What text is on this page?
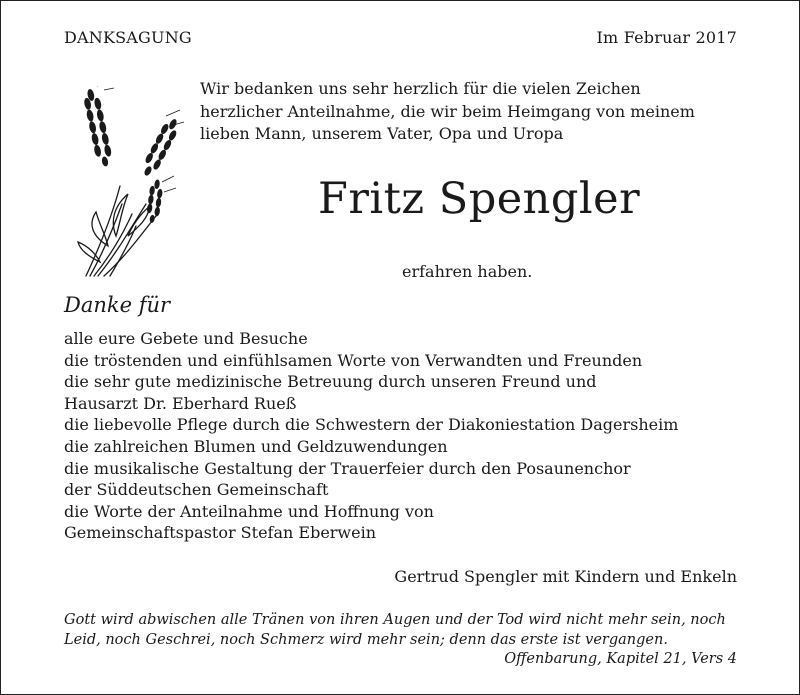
DANKSAGUNG	Im Februar 2017
Wir bedanken uns sehr herzlich für die vielen Zeichen
herzlicher Anteilnahme, die wir beim Heimgang von meinem
lieben Mann, unserem Vater, Opa und Uropa
Fritz Spengler
erfahren haben.
Danke für
alle eure Gebete und Besuche
die tröstenden und einfühlsamen Worte von Verwandten und Freunden
die sehr gute medizinische Betreuung durch unseren Freund und
Hausarzt Dr. Eberhard Rueß
die liebevolle Pflege durch die Schwestern der Diakoniestation Dagersheim
die zahlreichen Blumen und Geldzuwendungen
die musikalische Gestaltung der Trauerfeier durch den Posaunenchor
der Süddeutschen Gemeinschaft
die Worte der Anteilnahme und Hoffnung von
Gemeinschaftspastor Stefan Eberwein
Gertrud Spengler mit Kindern und Enkeln
Gott wird abwischen alle Tränen von ihren Augen und der Tod wird nicht mehr sein, noch
Leid, noch Geschrei, noch Schmerz wird mehr sein; denn das erste ist vergangen.
Offenbarung, Kapitel 21, Vers 4
